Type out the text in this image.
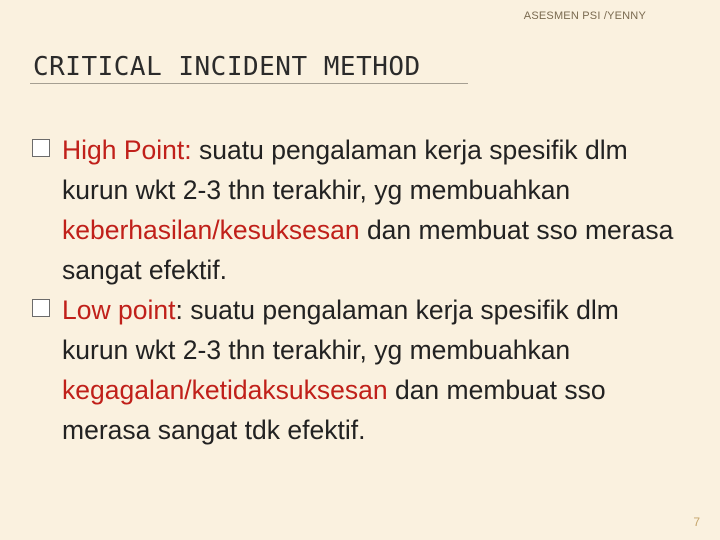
ASESMEN PSI /YENNY
CRITICAL INCIDENT METHOD
High Point: suatu pengalaman kerja spesifik dlm kurun wkt 2-3 thn terakhir, yg membuahkan keberhasilan/kesuksesan dan membuat sso merasa sangat efektif.
Low point: suatu pengalaman kerja spesifik dlm kurun wkt 2-3 thn terakhir, yg membuahkan kegagalan/ketidaksuksesan dan membuat sso merasa sangat tdk efektif.
7
